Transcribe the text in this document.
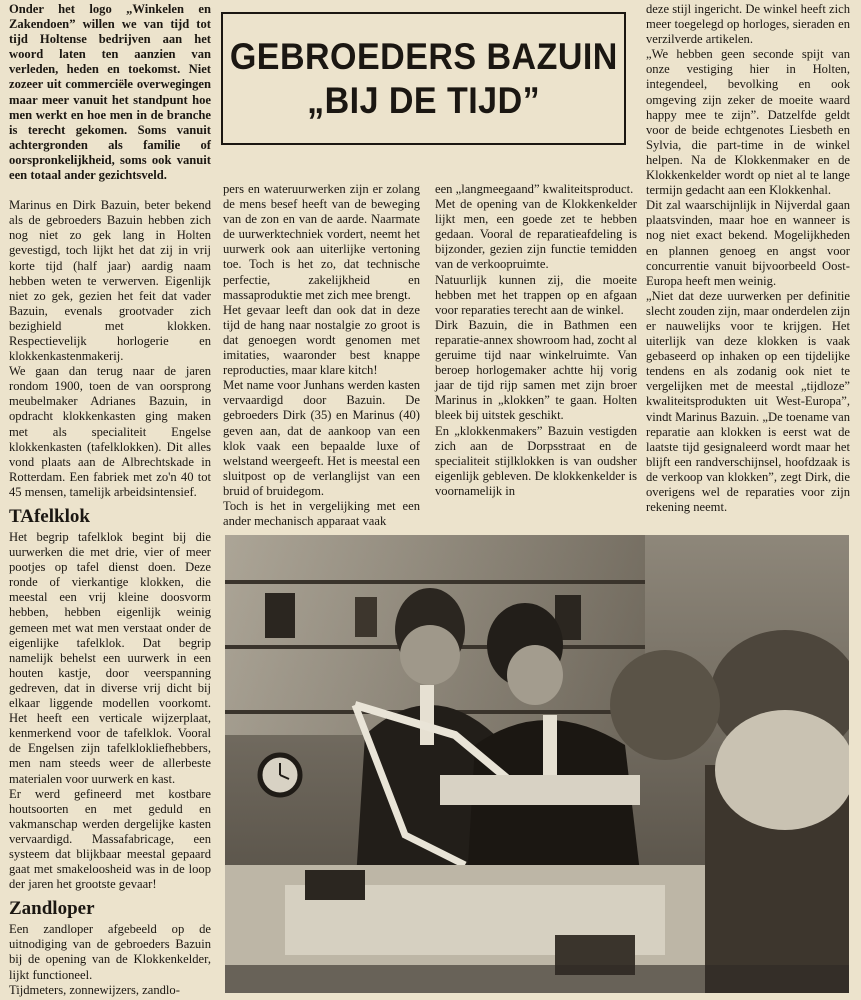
Onder het logo „Winkelen en Zakendoen” willen we van tijd tot tijd Holtense bedrijven aan het woord laten ten aanzien van verleden, heden en toekomst. Niet zozeer uit commerciële overwegingen maar meer vanuit het standpunt hoe men werkt en hoe men in de branche is terecht gekomen. Soms vanuit achtergronden als familie of oorspronkelijkheid, soms ook vanuit een totaal ander gezichtsveld.

Marinus en Dirk Bazuin, beter bekend als de gebroeders Bazuin hebben zich nog niet zo gek lang in Holten gevestigd, toch lijkt het dat zij in vrij korte tijd (half jaar) aardig naam hebben weten te verwerven. Eigenlijk niet zo gek, gezien het feit dat vader Bazuin, evenals grootvader zich bezighield met klokken. Respectievelijk horlogerie en klokkenkastenmakerij.

We gaan dan terug naar de jaren rondom 1900, toen de van oorsprong meubelmaker Adrianes Bazuin, in opdracht klokkenkasten ging maken met als specialiteit Engelse klokkenkasten (tafelklokken). Dit alles vond plaats aan de Albrechtskade in Rotterdam. Een fabriek met zo'n 40 tot 45 mensen, tamelijk arbeidsintensief.

TAfelklok

Het begrip tafelklok begint bij die uurwerken die met drie, vier of meer pootjes op tafel dienst doen. Deze ronde of vierkantige klokken, die meestal een vrij kleine doosvorm hebben, hebben eigenlijk weinig gemeen met wat men verstaat onder de eigenlijke tafelklok. Dat begrip namelijk behelst een uurwerk in een houten kastje, door veerspanning gedreven, dat in diverse vrij dicht bij elkaar liggende modellen voorkomt. Het heeft een verticale wijzerplaat, kenmerkend voor de tafelklok. Vooral de Engelsen zijn tafelklokliefhebbers, men nam steeds weer de allerbeste materialen voor uurwerk en kast.

Er werd gefineerd met kostbare houtsoorten en met geduld en vakmanschap werden dergelijke kasten vervaardigd. Massafabricage, een systeem dat blijkbaar meestal gepaard gaat met smakeloosheid was in de loop der jaren het grootste gevaar!

Zandloper

Een zandloper afgebeeld op de uitnodiging van de gebroeders Bazuin bij de opening van de Klokkenkelder, lijkt functioneel.

Tijdmeters, zonnewijzers, zandlo-

GEBROEDERS BAZUIN
„BIJ DE TIJD”

pers en wateruurwerken zijn er zolang de mens besef heeft van de beweging van de zon en van de aarde. Naarmate de uurwerktechniek vordert, neemt het uurwerk ook aan uiterlijke vertoning toe. Toch is het zo, dat technische perfectie, zakelijkheid en massaproduktie met zich mee brengt.

Het gevaar leeft dan ook dat in deze tijd de hang naar nostalgie zo groot is dat genoegen wordt genomen met imitaties, waaronder best knappe reproducties, maar klare kitch!

Met name voor Junhans werden kasten vervaardigd door Bazuin. De gebroeders Dirk (35) en Marinus (40) geven aan, dat de aankoop van een klok vaak een bepaalde luxe of welstand weergeeft. Het is meestal een sluitpost op de verlanglijst van een bruid of bruidegom.

Toch is het in vergelijking met een ander mechanisch apparaat vaak

een „langmeegaand” kwaliteitsproduct.

Met de opening van de Klokkenkelder lijkt men, een goede zet te hebben gedaan. Vooral de reparatieafdeling is bijzonder, gezien zijn functie temidden van de verkoopruimte.

Natuurlijk kunnen zij, die moeite hebben met het trappen op en afgaan voor reparaties terecht aan de winkel.

Dirk Bazuin, die in Bathmen een reparatie-annex showroom had, zocht al geruime tijd naar winkelruimte. Van beroep horlogemaker achtte hij vorig jaar de tijd rijp samen met zijn broer Marinus in „klokken” te gaan. Holten bleek bij uitstek geschikt.

En „klokkenmakers” Bazuin vestigden zich aan de Dorpsstraat en de specialiteit stijlklokken is van oudsher eigenlijk gebleven. De klokkenkelder is voornamelijk in

deze stijl ingericht. De winkel heeft zich meer toegelegd op horloges, sieraden en verzilverde artikelen.

„We hebben geen seconde spijt van onze vestiging hier in Holten, integendeel, bevolking en ook omgeving zijn zeker de moeite waard happy mee te zijn”. Datzelfde geldt voor de beide echtgenotes Liesbeth en Sylvia, die part-time in de winkel helpen. Na de Klokkenmaker en de Klokkenkelder wordt op niet al te lange termijn gedacht aan een Klokkenhal.

Dit zal waarschijnlijk in Nijverdal gaan plaatsvinden, maar hoe en wanneer is nog niet exact bekend. Mogelijkheden en plannen genoeg en angst voor concurrentie vanuit bijvoorbeeld Oost-Europa heeft men weinig.

„Niet dat deze uurwerken per definitie slecht zouden zijn, maar onderdelen zijn er nauwelijks voor te krijgen. Het uiterlijk van deze klokken is vaak gebaseerd op inhaken op een tijdelijke tendens en als zodanig ook niet te vergelijken met de meestal „tijdloze” kwaliteitsprodukten uit West-Europa”, vindt Marinus Bazuin. „De toename van reparatie aan klokken is eerst wat de laatste tijd gesignaleerd wordt maar het blijft een randverschijnsel, hoofdzaak is de verkoop van klokken”, zegt Dirk, die overigens wel de reparaties voor zijn rekening neemt.
